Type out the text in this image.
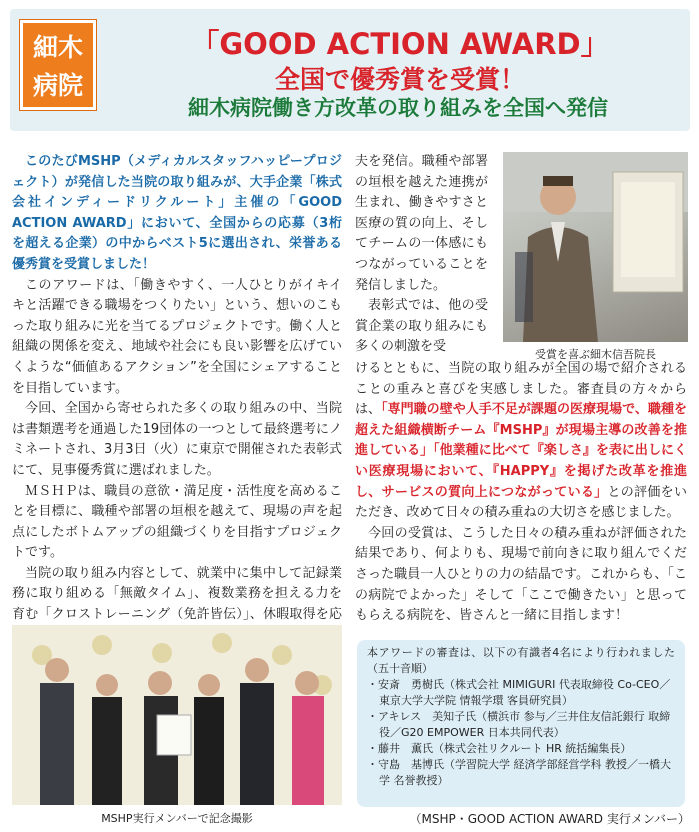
細木
病院
「GOOD ACTION AWARD」
全国で優秀賞を受賞！
細木病院働き方改革の取り組みを全国へ発信

このたびMSHP（メディカルスタッフハッピープロジェクト）が発信した当院の取り組みが、大手企業「株式会社インディードリクルート」主催の「GOOD ACTION AWARD」において、全国からの応募（3桁を超える企業）の中からベスト5に選出され、栄誉ある優秀賞を受賞しました！

このアワードは、「働きやすく、一人ひとりがイキイキと活躍できる職場をつくりたい」という、想いのこもった取り組みに光を当てるプロジェクトです。働く人と組織の関係を変え、地域や社会にも良い影響を広げていくような“価値あるアクション”を全国にシェアすることを目指しています。

今回、全国から寄せられた多くの取り組みの中、当院は書類選考を通過した19団体の一つとして最終選考にノミネートされ、3月3日（火）に東京で開催された表彰式にて、見事優秀賞に選ばれました。

ＭＳＨＰは、職員の意欲・満足度・活性度を高めることを目標に、職種や部署の垣根を越えて、現場の声を起点にしたボトムアップの組織づくりを目指すプロジェクトです。

当院の取り組み内容として、就業中に集中して記録業務に取り組める「無敵タイム」、複数業務を担える力を育む「クロストレーニング（免許皆伝）」、休暇取得を応

夫を発信。職種や部署の垣根を越えた連携が生まれ、働きやすさと医療の質の向上、そしてチームの一体感にもつながっていることを発信しました。

表彰式では、他の受賞企業の取り組みにも多くの刺激を受

受賞を喜ぶ細木信吾院長

けるとともに、当院の取り組みが全国の場で紹介されることの重みと喜びを実感しました。審査員の方々からは、「専門職の壁や人手不足が課題の医療現場で、職種を超えた組織横断チーム『MSHP』が現場主導の改善を推進している」「他業種に比べて『楽しさ』を表に出しにくい医療現場において、『HAPPY』を掲げた改革を推進し、サービスの質向上につながっている」との評価をいただき、改めて日々の積み重ねの大切さを感じました。

今回の受賞は、こうした日々の積み重ねが評価された結果であり、何よりも、現場で前向きに取り組んでくださった職員一人ひとりの力の結晶です。これからも、「この病院でよかった」そして「ここで働きたい」と思ってもらえる病院を、皆さんと一緒に目指します！

MSHP実行メンバーで記念撮影

本アワードの審査は、以下の有識者4名により行われました（五十音順）

・安斎　勇樹氏（株式会社 MIMIGURI 代表取締役 Co-CEO／東京大学大学院 情報学環 客員研究員）

・アキレス　美知子氏（横浜市 参与／三井住友信託銀行 取締役／G20 EMPOWER 日本共同代表）

・藤井　薫氏（株式会社リクルート HR 統括編集長）

・守島　基博氏（学習院大学 経済学部経営学科 教授／一橋大学 名誉教授）

（MSHP・GOOD ACTION AWARD 実行メンバー）
